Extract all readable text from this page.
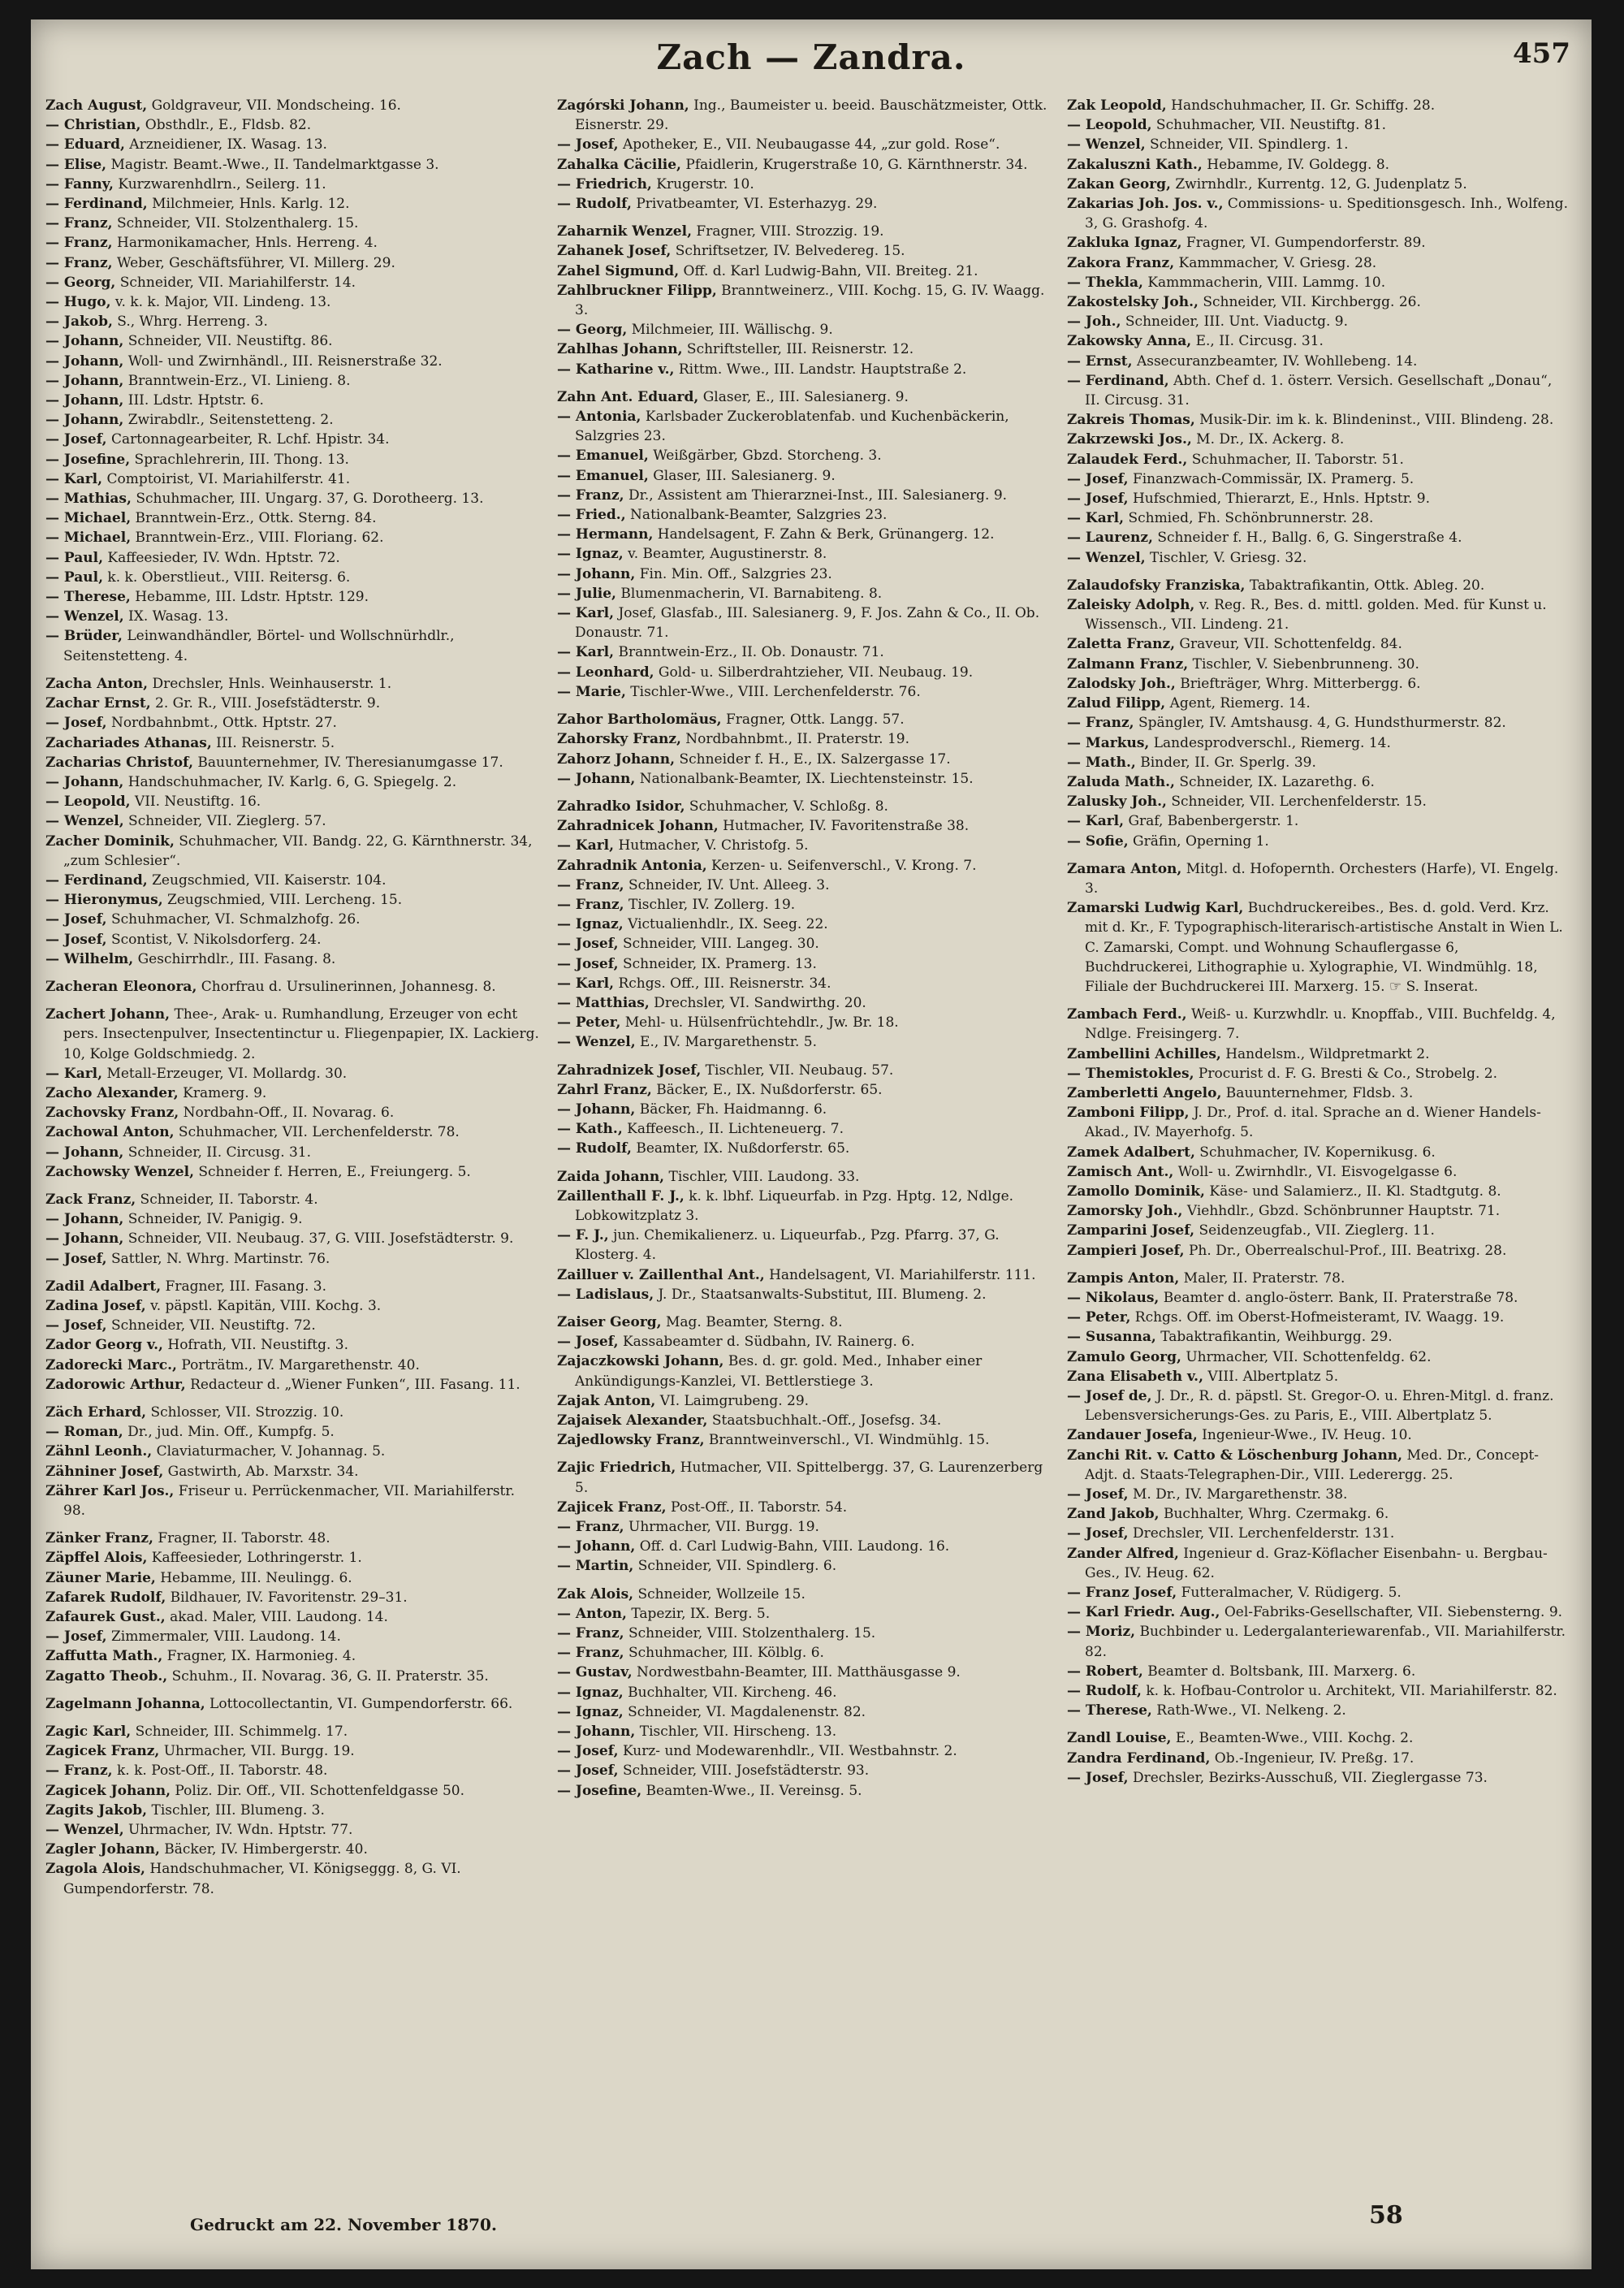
Zach — Zandra.	457

Zach August, Goldgraveur, VII. Mondscheing. 16.

— Christian, Obsthdlr., E., Fldsb. 82.

— Eduard, Arzneidiener, IX. Wasag. 13.

— Elise, Magistr. Beamt.-Wwe., II. Tandelmarktgasse 3.

— Fanny, Kurzwarenhdlrn., Seilerg. 11.

— Ferdinand, Milchmeier, Hnls. Karlg. 12.

— Franz, Schneider, VII. Stolzenthalerg. 15.

— Franz, Harmonikamacher, Hnls. Herreng. 4.

— Franz, Weber, Geschäftsführer, VI. Millerg. 29.

— Georg, Schneider, VII. Mariahilferstr. 14.

— Hugo, v. k. k. Major, VII. Lindeng. 13.

— Jakob, S., Whrg. Herreng. 3.

— Johann, Schneider, VII. Neustiftg. 86.

— Johann, Woll- und Zwirnhändl., III. Reisnerstraße 32.

— Johann, Branntwein-Erz., VI. Linieng. 8.

— Johann, III. Ldstr. Hptstr. 6.

— Johann, Zwirabdlr., Seitenstetteng. 2.

— Josef, Cartonnagearbeiter, R. Lchf. Hpistr. 34.

— Josefine, Sprachlehrerin, III. Thong. 13.

— Karl, Comptoirist, VI. Mariahilferstr. 41.

— Mathias, Schuhmacher, III. Ungarg. 37, G. Dorotheerg. 13.

— Michael, Branntwein-Erz., Ottk. Sterng. 84.

— Michael, Branntwein-Erz., VIII. Floriang. 62.

— Paul, Kaffeesieder, IV. Wdn. Hptstr. 72.

— Paul, k. k. Oberstlieut., VIII. Reitersg. 6.

— Therese, Hebamme, III. Ldstr. Hptstr. 129.

— Wenzel, IX. Wasag. 13.

— Brüder, Leinwandhändler, Börtel- und Wollschnürhdlr., Seitenstetteng. 4.

Zacha Anton, Drechsler, Hnls. Weinhauserstr. 1.

Zachar Ernst, 2. Gr. R., VIII. Josefstädterstr. 9.

— Josef, Nordbahnbmt., Ottk. Hptstr. 27.

Zachariades Athanas, III. Reisnerstr. 5.

Zacharias Christof, Bauunternehmer, IV. Theresianumgasse 17.

— Johann, Handschuhmacher, IV. Karlg. 6, G. Spiegelg. 2.

— Leopold, VII. Neustiftg. 16.

— Wenzel, Schneider, VII. Zieglerg. 57.

Zacher Dominik, Schuhmacher, VII. Bandg. 22, G. Kärnthnerstr. 34, „zum Schlesier“.

— Ferdinand, Zeugschmied, VII. Kaiserstr. 104.

— Hieronymus, Zeugschmied, VIII. Lercheng. 15.

— Josef, Schuhmacher, VI. Schmalzhofg. 26.

— Josef, Scontist, V. Nikolsdorferg. 24.

— Wilhelm, Geschirrhdlr., III. Fasang. 8.

Zacheran Eleonora, Chorfrau d. Ursulinerinnen, Johannesg. 8.

Zachert Johann, Thee-, Arak- u. Rumhandlung, Erzeuger von echt pers. Insectenpulver, Insectentinctur u. Fliegenpapier, IX. Lackierg. 10, Kolge Goldschmiedg. 2.

— Karl, Metall-Erzeuger, VI. Mollardg. 30.

Zacho Alexander, Kramerg. 9.

Zachovsky Franz, Nordbahn-Off., II. Novarag. 6.

Zachowal Anton, Schuhmacher, VII. Lerchenfelderstr. 78.

— Johann, Schneider, II. Circusg. 31.

Zachowsky Wenzel, Schneider f. Herren, E., Freiungerg. 5.

Zack Franz, Schneider, II. Taborstr. 4.

— Johann, Schneider, IV. Panigig. 9.

— Johann, Schneider, VII. Neubaug. 37, G. VIII. Josefstädterstr. 9.

— Josef, Sattler, N. Whrg. Martinstr. 76.

Zadil Adalbert, Fragner, III. Fasang. 3.

Zadina Josef, v. päpstl. Kapitän, VIII. Kochg. 3.

— Josef, Schneider, VII. Neustiftg. 72.

Zador Georg v., Hofrath, VII. Neustiftg. 3.

Zadorecki Marc., Porträtm., IV. Margarethenstr. 40.

Zadorowic Arthur, Redacteur d. „Wiener Funken“, III. Fasang. 11.

Zäch Erhard, Schlosser, VII. Strozzig. 10.

— Roman, Dr., jud. Min. Off., Kumpfg. 5.

Zähnl Leonh., Claviaturmacher, V. Johannag. 5.

Zähniner Josef, Gastwirth, Ab. Marxstr. 34.

Zährer Karl Jos., Friseur u. Perrückenmacher, VII. Mariahilferstr. 98.

Zänker Franz, Fragner, II. Taborstr. 48.

Zäpffel Alois, Kaffeesieder, Lothringerstr. 1.

Zäuner Marie, Hebamme, III. Neulingg. 6.

Zafarek Rudolf, Bildhauer, IV. Favoritenstr. 29–31.

Zafaurek Gust., akad. Maler, VIII. Laudong. 14.

— Josef, Zimmermaler, VIII. Laudong. 14.

Zaffutta Math., Fragner, IX. Harmonieg. 4.

Zagatto Theob., Schuhm., II. Novarag. 36, G. II. Praterstr. 35.

Zagelmann Johanna, Lottocollectantin, VI. Gumpendorferstr. 66.

Zagic Karl, Schneider, III. Schimmelg. 17.

Zagicek Franz, Uhrmacher, VII. Burgg. 19.

— Franz, k. k. Post-Off., II. Taborstr. 48.

Zagicek Johann, Poliz. Dir. Off., VII. Schottenfeldgasse 50.

Zagits Jakob, Tischler, III. Blumeng. 3.

— Wenzel, Uhrmacher, IV. Wdn. Hptstr. 77.

Zagler Johann, Bäcker, IV. Himbergerstr. 40.

Zagola Alois, Handschuhmacher, VI. Königseggg. 8, G. VI. Gumpendorferstr. 78.

Zagórski Johann, Ing., Baumeister u. beeid. Bauschätzmeister, Ottk. Eisnerstr. 29.

— Josef, Apotheker, E., VII. Neubaugasse 44, „zur gold. Rose“.

Zahalka Cäcilie, Pfaidlerin, Krugerstraße 10, G. Kärnthnerstr. 34.

— Friedrich, Krugerstr. 10.

— Rudolf, Privatbeamter, VI. Esterhazyg. 29.

Zaharnik Wenzel, Fragner, VIII. Strozzig. 19.

Zahanek Josef, Schriftsetzer, IV. Belvedereg. 15.

Zahel Sigmund, Off. d. Karl Ludwig-Bahn, VII. Breiteg. 21.

Zahlbruckner Filipp, Branntweinerz., VIII. Kochg. 15, G. IV. Waagg. 3.

— Georg, Milchmeier, III. Wällischg. 9.

Zahlhas Johann, Schriftsteller, III. Reisnerstr. 12.

— Katharine v., Rittm. Wwe., III. Landstr. Hauptstraße 2.

Zahn Ant. Eduard, Glaser, E., III. Salesianerg. 9.

— Antonia, Karlsbader Zuckeroblatenfab. und Kuchenbäckerin, Salzgries 23.

— Emanuel, Weißgärber, Gbzd. Storcheng. 3.

— Emanuel, Glaser, III. Salesianerg. 9.

— Franz, Dr., Assistent am Thierarznei-Inst., III. Salesianerg. 9.

— Fried., Nationalbank-Beamter, Salzgries 23.

— Hermann, Handelsagent, F. Zahn & Berk, Grünangerg. 12.

— Ignaz, v. Beamter, Augustinerstr. 8.

— Johann, Fin. Min. Off., Salzgries 23.

— Julie, Blumenmacherin, VI. Barnabiteng. 8.

— Karl, Josef, Glasfab., III. Salesianerg. 9, F. Jos. Zahn & Co., II. Ob. Donaustr. 71.

— Karl, Branntwein-Erz., II. Ob. Donaustr. 71.

— Leonhard, Gold- u. Silberdrahtzieher, VII. Neubaug. 19.

— Marie, Tischler-Wwe., VIII. Lerchenfelderstr. 76.

Zahor Bartholomäus, Fragner, Ottk. Langg. 57.

Zahorsky Franz, Nordbahnbmt., II. Praterstr. 19.

Zahorz Johann, Schneider f. H., E., IX. Salzergasse 17.

— Johann, Nationalbank-Beamter, IX. Liechtensteinstr. 15.

Zahradko Isidor, Schuhmacher, V. Schloßg. 8.

Zahradnicek Johann, Hutmacher, IV. Favoritenstraße 38.

— Karl, Hutmacher, V. Christofg. 5.

Zahradnik Antonia, Kerzen- u. Seifenverschl., V. Krong. 7.

— Franz, Schneider, IV. Unt. Alleeg. 3.

— Franz, Tischler, IV. Zollerg. 19.

— Ignaz, Victualienhdlr., IX. Seeg. 22.

— Josef, Schneider, VIII. Langeg. 30.

— Josef, Schneider, IX. Pramerg. 13.

— Karl, Rchgs. Off., III. Reisnerstr. 34.

— Matthias, Drechsler, VI. Sandwirthg. 20.

— Peter, Mehl- u. Hülsenfrüchtehdlr., Jw. Br. 18.

— Wenzel, E., IV. Margarethenstr. 5.

Zahradnizek Josef, Tischler, VII. Neubaug. 57.

Zahrl Franz, Bäcker, E., IX. Nußdorferstr. 65.

— Johann, Bäcker, Fh. Haidmanng. 6.

— Kath., Kaffeesch., II. Lichteneuerg. 7.

— Rudolf, Beamter, IX. Nußdorferstr. 65.

Zaida Johann, Tischler, VIII. Laudong. 33.

Zaillenthall F. J., k. k. lbhf. Liqueurfab. in Pzg. Hptg. 12, Ndlge. Lobkowitzplatz 3.

— F. J., jun. Chemikalienerz. u. Liqueurfab., Pzg. Pfarrg. 37, G. Klosterg. 4.

Zailluer v. Zaillenthal Ant., Handelsagent, VI. Mariahilferstr. 111.

— Ladislaus, J. Dr., Staatsanwalts-Substitut, III. Blumeng. 2.

Zaiser Georg, Mag. Beamter, Sterng. 8.

— Josef, Kassabeamter d. Südbahn, IV. Rainerg. 6.

Zajaczkowski Johann, Bes. d. gr. gold. Med., Inhaber einer Ankündigungs-Kanzlei, VI. Bettlerstiege 3.

Zajak Anton, VI. Laimgrubeng. 29.

Zajaisek Alexander, Staatsbuchhalt.-Off., Josefsg. 34.

Zajedlowsky Franz, Branntweinverschl., VI. Windmühlg. 15.

Zajic Friedrich, Hutmacher, VII. Spittelbergg. 37, G. Laurenzerberg 5.

Zajicek Franz, Post-Off., II. Taborstr. 54.

— Franz, Uhrmacher, VII. Burgg. 19.

— Johann, Off. d. Carl Ludwig-Bahn, VIII. Laudong. 16.

— Martin, Schneider, VII. Spindlerg. 6.

Zak Alois, Schneider, Wollzeile 15.

— Anton, Tapezir, IX. Berg. 5.

— Franz, Schneider, VIII. Stolzenthalerg. 15.

— Franz, Schuhmacher, III. Kölblg. 6.

— Gustav, Nordwestbahn-Beamter, III. Matthäusgasse 9.

— Ignaz, Buchhalter, VII. Kircheng. 46.

— Ignaz, Schneider, VI. Magdalenenstr. 82.

— Johann, Tischler, VII. Hirscheng. 13.

— Josef, Kurz- und Modewarenhdlr., VII. Westbahnstr. 2.

— Josef, Schneider, VIII. Josefstädterstr. 93.

— Josefine, Beamten-Wwe., II. Vereinsg. 5.

Zak Leopold, Handschuhmacher, II. Gr. Schiffg. 28.

— Leopold, Schuhmacher, VII. Neustiftg. 81.

— Wenzel, Schneider, VII. Spindlerg. 1.

Zakaluszni Kath., Hebamme, IV. Goldegg. 8.

Zakan Georg, Zwirnhdlr., Kurrentg. 12, G. Judenplatz 5.

Zakarias Joh. Jos. v., Commissions- u. Speditionsgesch. Inh., Wolfeng. 3, G. Grashofg. 4.

Zakluka Ignaz, Fragner, VI. Gumpendorferstr. 89.

Zakora Franz, Kammmacher, V. Griesg. 28.

— Thekla, Kammmacherin, VIII. Lammg. 10.

Zakostelsky Joh., Schneider, VII. Kirchbergg. 26.

— Joh., Schneider, III. Unt. Viaductg. 9.

Zakowsky Anna, E., II. Circusg. 31.

— Ernst, Assecuranzbeamter, IV. Wohllebeng. 14.

— Ferdinand, Abth. Chef d. 1. österr. Versich. Gesellschaft „Donau“, II. Circusg. 31.

Zakreis Thomas, Musik-Dir. im k. k. Blindeninst., VIII. Blindeng. 28.

Zakrzewski Jos., M. Dr., IX. Ackerg. 8.

Zalaudek Ferd., Schuhmacher, II. Taborstr. 51.

— Josef, Finanzwach-Commissär, IX. Pramerg. 5.

— Josef, Hufschmied, Thierarzt, E., Hnls. Hptstr. 9.

— Karl, Schmied, Fh. Schönbrunnerstr. 28.

— Laurenz, Schneider f. H., Ballg. 6, G. Singerstraße 4.

— Wenzel, Tischler, V. Griesg. 32.

Zalaudofsky Franziska, Tabaktrafikantin, Ottk. Ableg. 20.

Zaleisky Adolph, v. Reg. R., Bes. d. mittl. golden. Med. für Kunst u. Wissensch., VII. Lindeng. 21.

Zaletta Franz, Graveur, VII. Schottenfeldg. 84.

Zalmann Franz, Tischler, V. Siebenbrunneng. 30.

Zalodsky Joh., Briefträger, Whrg. Mitterbergg. 6.

Zalud Filipp, Agent, Riemerg. 14.

— Franz, Spängler, IV. Amtshausg. 4, G. Hundsthurmerstr. 82.

— Markus, Landesprodverschl., Riemerg. 14.

— Math., Binder, II. Gr. Sperlg. 39.

Zaluda Math., Schneider, IX. Lazarethg. 6.

Zalusky Joh., Schneider, VII. Lerchenfelderstr. 15.

— Karl, Graf, Babenbergerstr. 1.

— Sofie, Gräfin, Operning 1.

Zamara Anton, Mitgl. d. Hofopernth. Orchesters (Harfe), VI. Engelg. 3.

Zamarski Ludwig Karl, Buchdruckereibes., Bes. d. gold. Verd. Krz. mit d. Kr., F. Typographisch-literarisch-artistische Anstalt in Wien L. C. Zamarski, Compt. und Wohnung Schauflergasse 6, Buchdruckerei, Lithographie u. Xylographie, VI. Windmühlg. 18, Filiale der Buchdruckerei III. Marxerg. 15. ☞ S. Inserat.

Zambach Ferd., Weiß- u. Kurzwhdlr. u. Knopffab., VIII. Buchfeldg. 4, Ndlge. Freisingerg. 7.

Zambellini Achilles, Handelsm., Wildpretmarkt 2.

— Themistokles, Procurist d. F. G. Bresti & Co., Strobelg. 2.

Zamberletti Angelo, Bauunternehmer, Fldsb. 3.

Zamboni Filipp, J. Dr., Prof. d. ital. Sprache an d. Wiener Handels-Akad., IV. Mayerhofg. 5.

Zamek Adalbert, Schuhmacher, IV. Kopernikusg. 6.

Zamisch Ant., Woll- u. Zwirnhdlr., VI. Eisvogelgasse 6.

Zamollo Dominik, Käse- und Salamierz., II. Kl. Stadtgutg. 8.

Zamorsky Joh., Viehhdlr., Gbzd. Schönbrunner Hauptstr. 71.

Zamparini Josef, Seidenzeugfab., VII. Zieglerg. 11.

Zampieri Josef, Ph. Dr., Oberrealschul-Prof., III. Beatrixg. 28.

Zampis Anton, Maler, II. Praterstr. 78.

— Nikolaus, Beamter d. anglo-österr. Bank, II. Praterstraße 78.

— Peter, Rchgs. Off. im Oberst-Hofmeisteramt, IV. Waagg. 19.

— Susanna, Tabaktrafikantin, Weihburgg. 29.

Zamulo Georg, Uhrmacher, VII. Schottenfeldg. 62.

Zana Elisabeth v., VIII. Albertplatz 5.

— Josef de, J. Dr., R. d. päpstl. St. Gregor-O. u. Ehren-Mitgl. d. franz. Lebensversicherungs-Ges. zu Paris, E., VIII. Albertplatz 5.

Zandauer Josefa, Ingenieur-Wwe., IV. Heug. 10.

Zanchi Rit. v. Catto & Löschenburg Johann, Med. Dr., Concept-Adjt. d. Staats-Telegraphen-Dir., VIII. Lederergg. 25.

— Josef, M. Dr., IV. Margarethenstr. 38.

Zand Jakob, Buchhalter, Whrg. Czermakg. 6.

— Josef, Drechsler, VII. Lerchenfelderstr. 131.

Zander Alfred, Ingenieur d. Graz-Köflacher Eisenbahn- u. Bergbau-Ges., IV. Heug. 62.

— Franz Josef, Futteralmacher, V. Rüdigerg. 5.

— Karl Friedr. Aug., Oel-Fabriks-Gesellschafter, VII. Siebensterng. 9.

— Moriz, Buchbinder u. Ledergalanteriewarenfab., VII. Mariahilferstr. 82.

— Robert, Beamter d. Boltsbank, III. Marxerg. 6.

— Rudolf, k. k. Hofbau-Controlor u. Architekt, VII. Mariahilferstr. 82.

— Therese, Rath-Wwe., VI. Nelkeng. 2.

Zandl Louise, E., Beamten-Wwe., VIII. Kochg. 2.

Zandra Ferdinand, Ob.-Ingenieur, IV. Preßg. 17.

— Josef, Drechsler, Bezirks-Ausschuß, VII. Zieglergasse 73.

Gedruckt am 22. November 1870.	58
